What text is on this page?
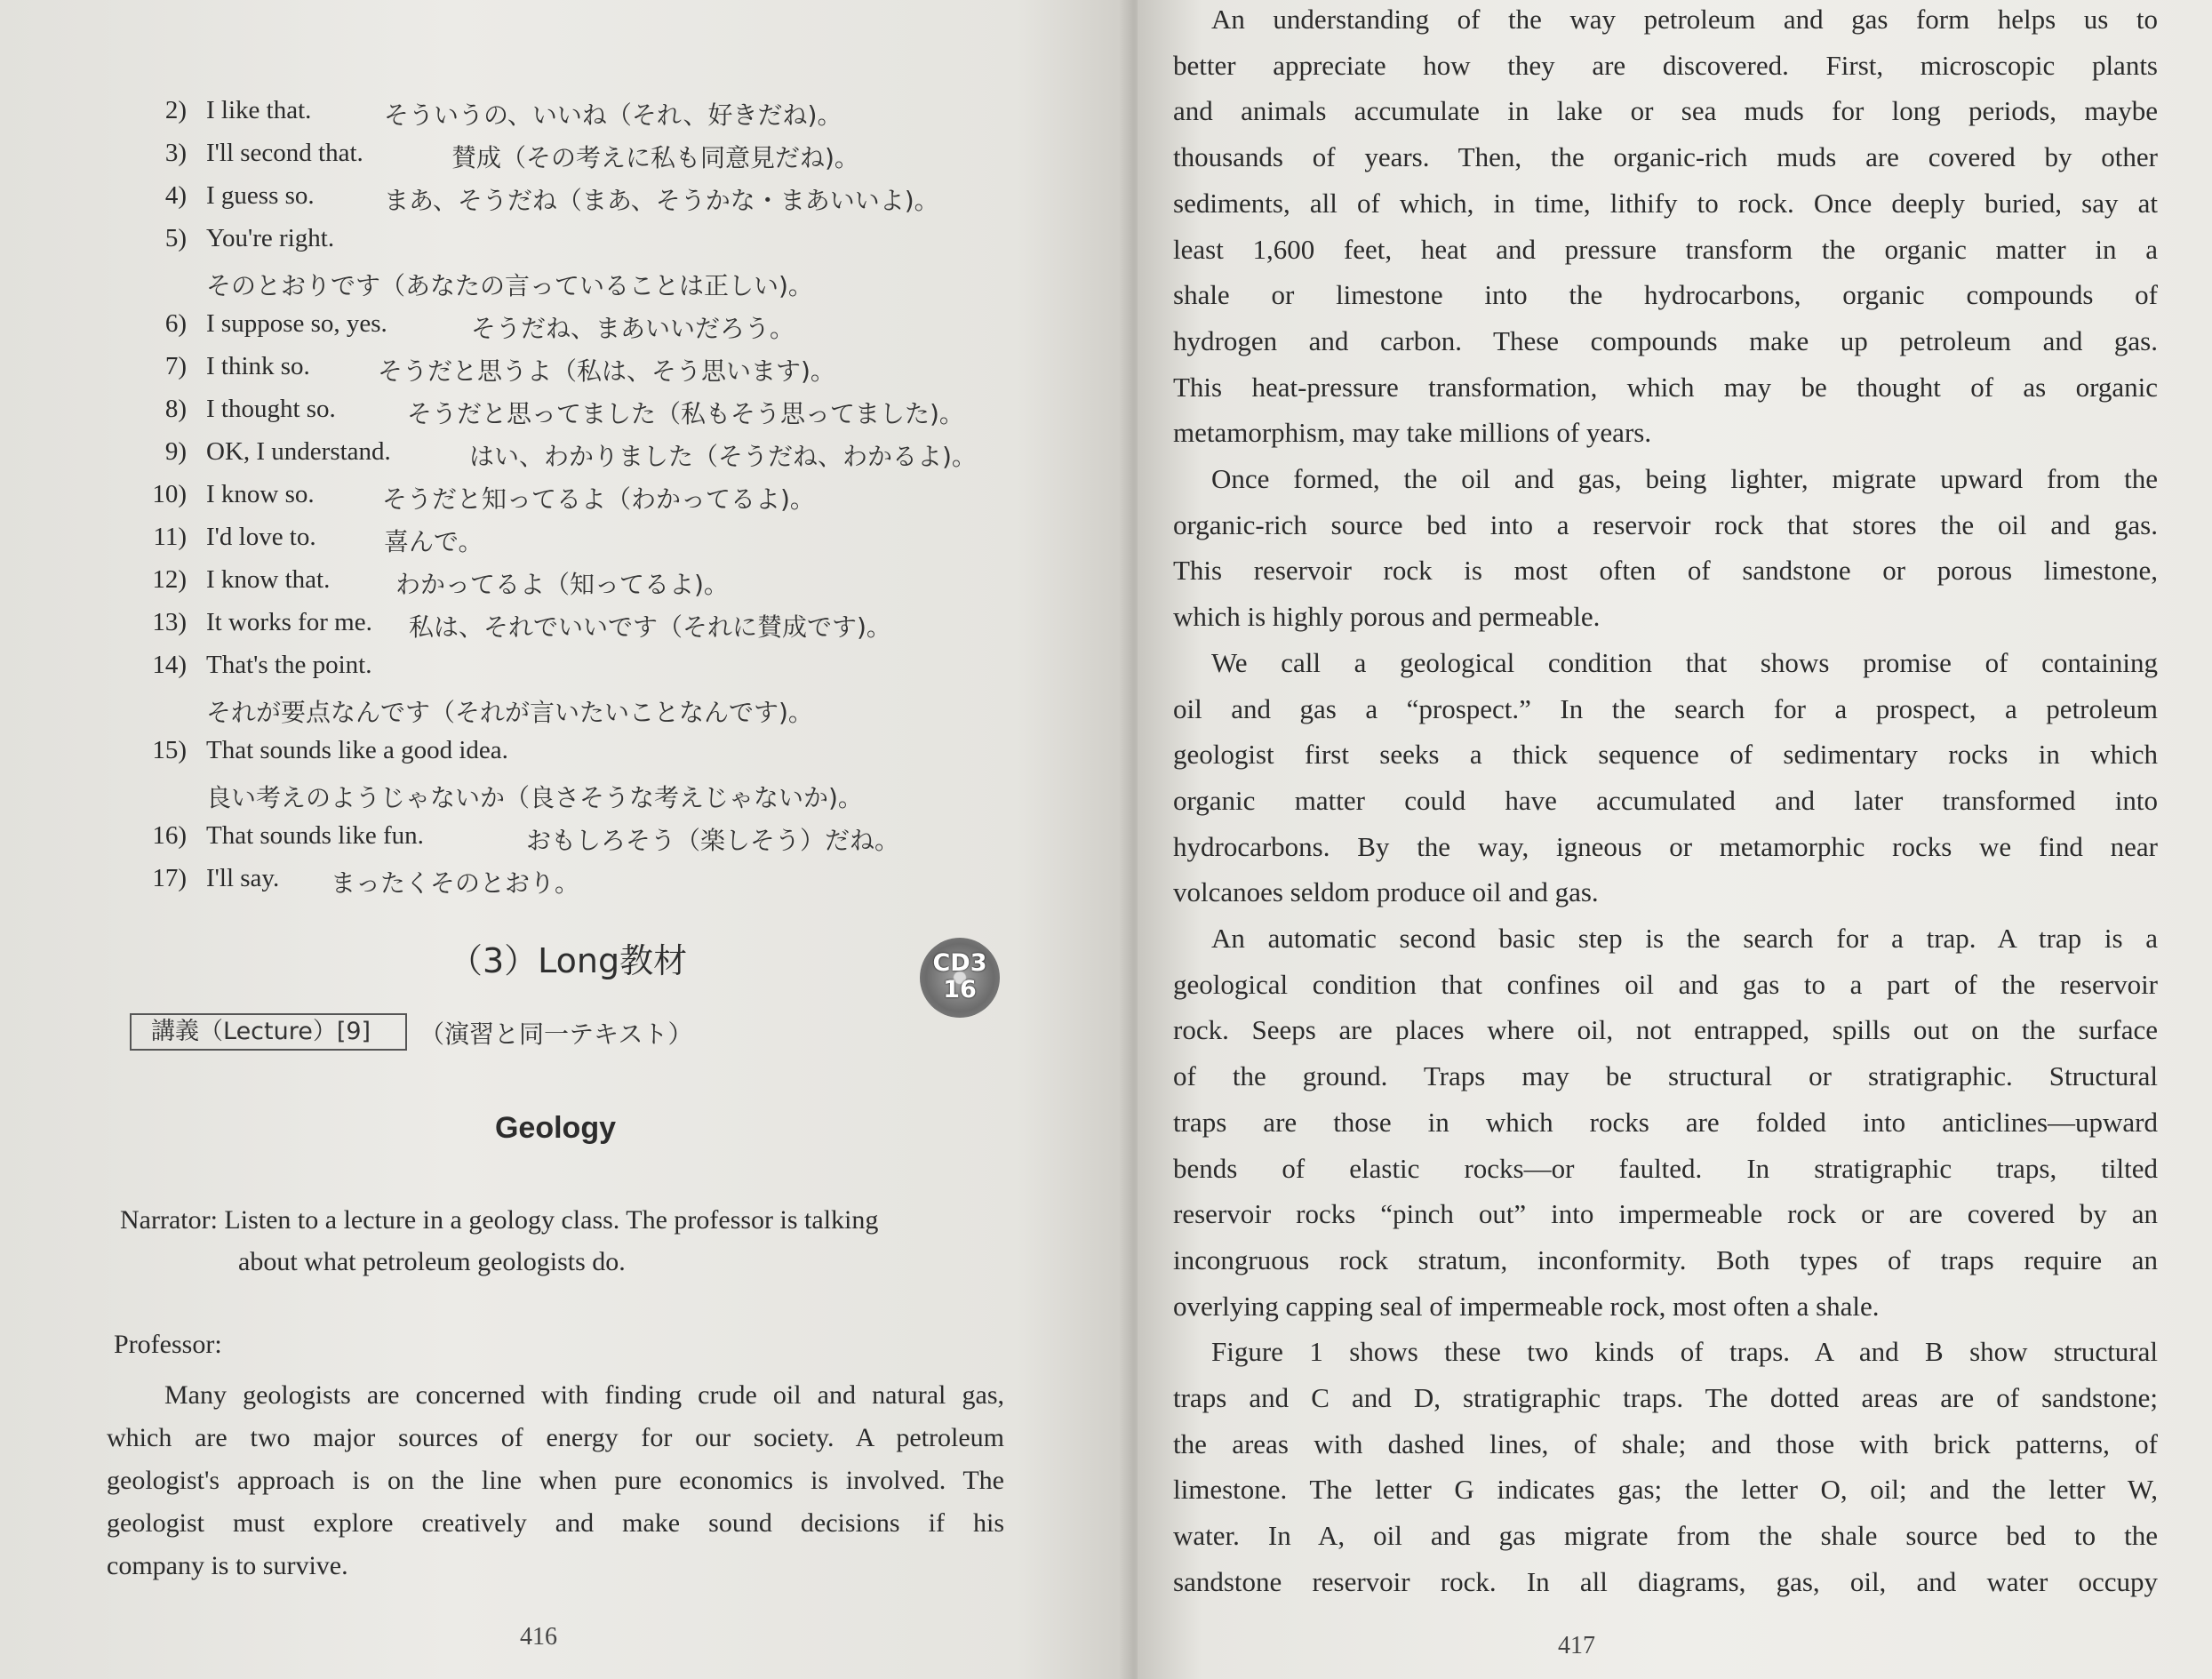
2) I like that.	そういうの、いいね（それ、好きだね)。
3) I'll second that.	賛成（その考えに私も同意見だね)。
4) I guess so.	まあ、そうだね（まあ、そうかな・まあいいよ)。
5) You're right.
そのとおりです（あなたの言っていることは正しい)。
6) I suppose so, yes.	そうだね、まあいいだろう。
7) I think so.	そうだと思うよ（私は、そう思います)。
8) I thought so.	そうだと思ってました（私もそう思ってました)。
9) OK, I understand.	はい、わかりました（そうだね、わかるよ)。
10) I know so.	そうだと知ってるよ（わかってるよ)。
11) I'd love to.	喜んで。
12) I know that.	わかってるよ（知ってるよ)。
13) It works for me. 私は、それでいいです（それに賛成です)。
14) That's the point.
それが要点なんです（それが言いたいことなんです)。
15) That sounds like a good idea.
良い考えのようじゃないか（良さそうな考えじゃないか)。
16) That sounds like fun.	おもしろそう（楽しそう）だね。
17) I'll say. まったくそのとおり。
（3）Long教材	CD3
16
講義（Lecture）[9]	（演習と同一テキスト）
Geology
Narrator: Listen to a lecture in a geology class. The professor is talking
about what petroleum geologists do.
Professor:
Many geologists are concerned with finding crude oil and natural gas,
which are two major sources of energy for our society. A petroleum
geologist's approach is on the line when pure economics is involved. The
geologist must explore creatively and make sound decisions if his
company is to survive.
416
An understanding of the way petroleum and gas form helps us to
better appreciate how they are discovered. First, microscopic plants
and animals accumulate in lake or sea muds for long periods, maybe
thousands of years. Then, the organic-rich muds are covered by other
sediments, all of which, in time, lithify to rock. Once deeply buried, say at
least 1,600 feet, heat and pressure transform the organic matter in a
shale or limestone into the hydrocarbons, organic compounds of
hydrogen and carbon. These compounds make up petroleum and gas.
This heat-pressure transformation, which may be thought of as organic
metamorphism, may take millions of years.
Once formed, the oil and gas, being lighter, migrate upward from the
organic-rich source bed into a reservoir rock that stores the oil and gas.
This reservoir rock is most often of sandstone or porous limestone,
which is highly porous and permeable.
We call a geological condition that shows promise of containing
oil and gas a “prospect.” In the search for a prospect, a petroleum
geologist first seeks a thick sequence of sedimentary rocks in which
organic matter could have accumulated and later transformed into
hydrocarbons. By the way, igneous or metamorphic rocks we find near
volcanoes seldom produce oil and gas.
An automatic second basic step is the search for a trap. A trap is a
geological condition that confines oil and gas to a part of the reservoir
rock. Seeps are places where oil, not entrapped, spills out on the surface
of the ground. Traps may be structural or stratigraphic. Structural
traps are those in which rocks are folded into anticlines—upward
bends of elastic rocks—or faulted. In stratigraphic traps, tilted
reservoir rocks “pinch out” into impermeable rock or are covered by an
incongruous rock stratum, inconformity. Both types of traps require an
overlying capping seal of impermeable rock, most often a shale.
Figure 1 shows these two kinds of traps. A and B show structural
traps and C and D, stratigraphic traps. The dotted areas are of sandstone;
the areas with dashed lines, of shale; and those with brick patterns, of
limestone. The letter G indicates gas; the letter O, oil; and the letter W,
water. In A, oil and gas migrate from the shale source bed to the
sandstone reservoir rock. In all diagrams, gas, oil, and water occupy
417
